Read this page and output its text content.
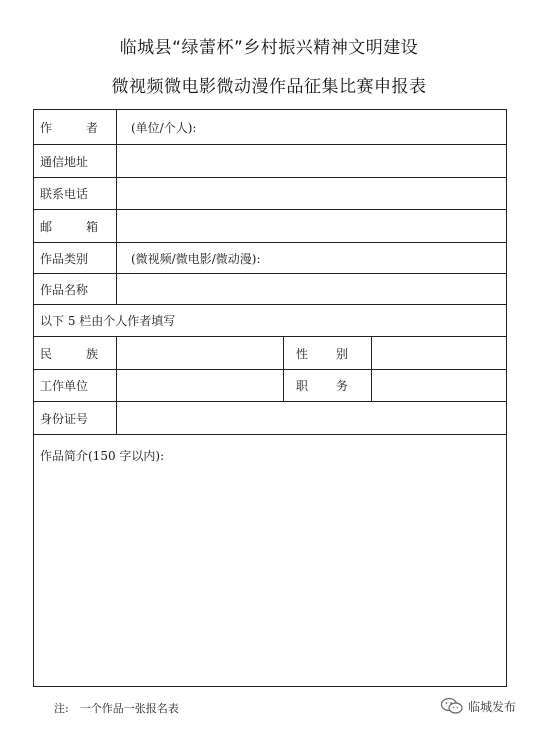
临城县“绿蕾杯”乡村振兴精神文明建设
微视频微电影微动漫作品征集比赛申报表
作 者	(单位/个人):		
通信地址			
联系电话			
邮 箱			
作品类别	(微视频/微电影/微动漫):		
作品名称			
以下 5 栏由个人作者填写			
民 族		性 别	
工作单位		职 务	
身份证号			
作品简介(150 字以内):			
注:　一个作品一张报名表	临城发布
